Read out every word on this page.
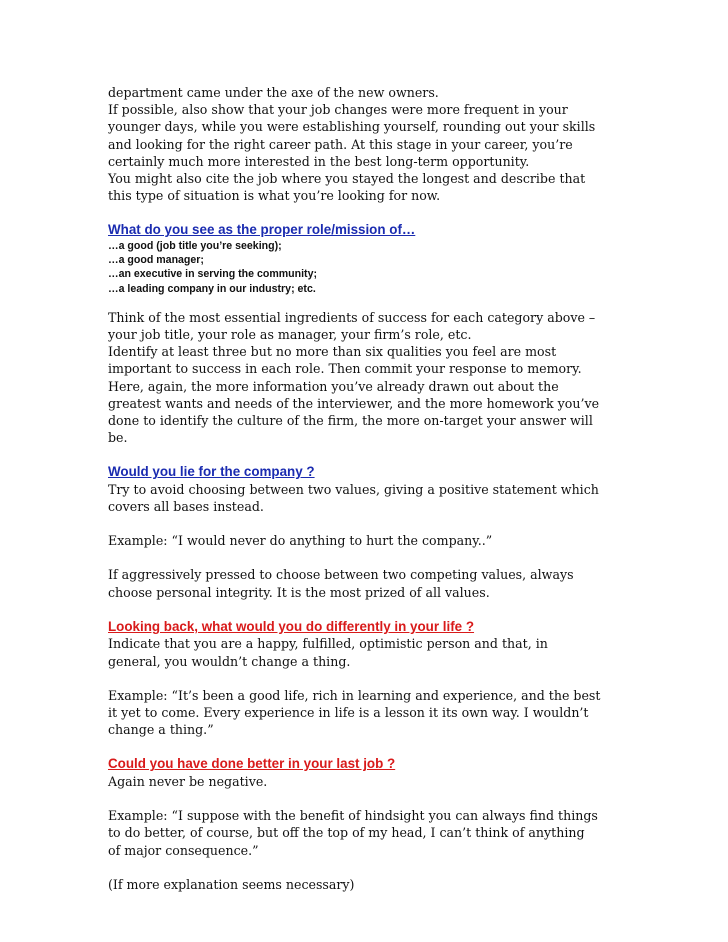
department came under the axe of the new owners.
If possible, also show that your job changes were more frequent in your
younger days, while you were establishing yourself, rounding out your skills
and looking for the right career path. At this stage in your career, you’re
certainly much more interested in the best long-term opportunity.
You might also cite the job where you stayed the longest and describe that
this type of situation is what you’re looking for now.

What do you see as the proper role/mission of…

…a good (job title you’re seeking);
…a good manager;
…an executive in serving the community;
…a leading company in our industry; etc.

Think of the most essential ingredients of success for each category above –
your job title, your role as manager, your firm’s role, etc.
Identify at least three but no more than six qualities you feel are most
important to success in each role. Then commit your response to memory.
Here, again, the more information you’ve already drawn out about the
greatest wants and needs of the interviewer, and the more homework you’ve
done to identify the culture of the firm, the more on-target your answer will
be.

Would you lie for the company ?

Try to avoid choosing between two values, giving a positive statement which
covers all bases instead.

Example: “I would never do anything to hurt the company..”

If aggressively pressed to choose between two competing values, always
choose personal integrity. It is the most prized of all values.

Looking back, what would you do differently in your life ?

Indicate that you are a happy, fulfilled, optimistic person and that, in
general, you wouldn’t change a thing.

Example: “It’s been a good life, rich in learning and experience, and the best
it yet to come. Every experience in life is a lesson it its own way. I wouldn’t
change a thing.”

Could you have done better in your last job ?

Again never be negative.

Example: “I suppose with the benefit of hindsight you can always find things
to do better, of course, but off the top of my head, I can’t think of anything
of major consequence.”

(If more explanation seems necessary)
